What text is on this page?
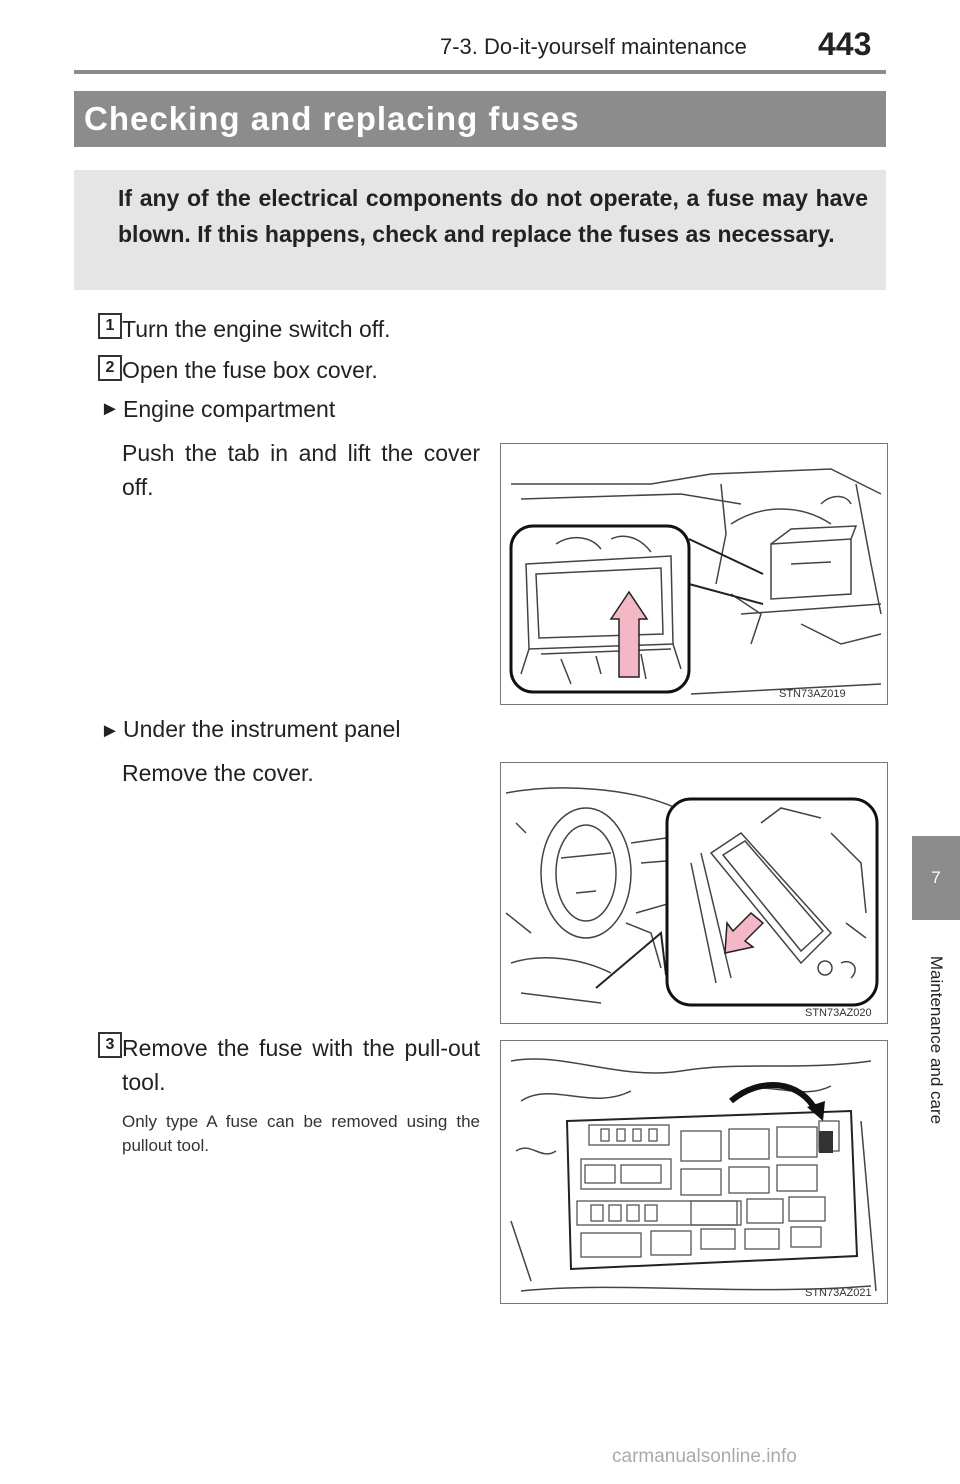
7-3. Do-it-yourself maintenance 443
Checking and replacing fuses
If any of the electrical components do not operate, a fuse may have blown. If this happens, check and replace the fuses as necessary.
1 Turn the engine switch off.
2 Open the fuse box cover.
► Engine compartment
Push the tab in and lift the cover off.
STN73AZ019
► Under the instrument panel
Remove the cover.
STN73AZ020
3 Remove the fuse with the pull-out tool.
Only type A fuse can be removed using the pullout tool.
STN73AZ021
7
Maintenance and care
carmanualsonline.info
